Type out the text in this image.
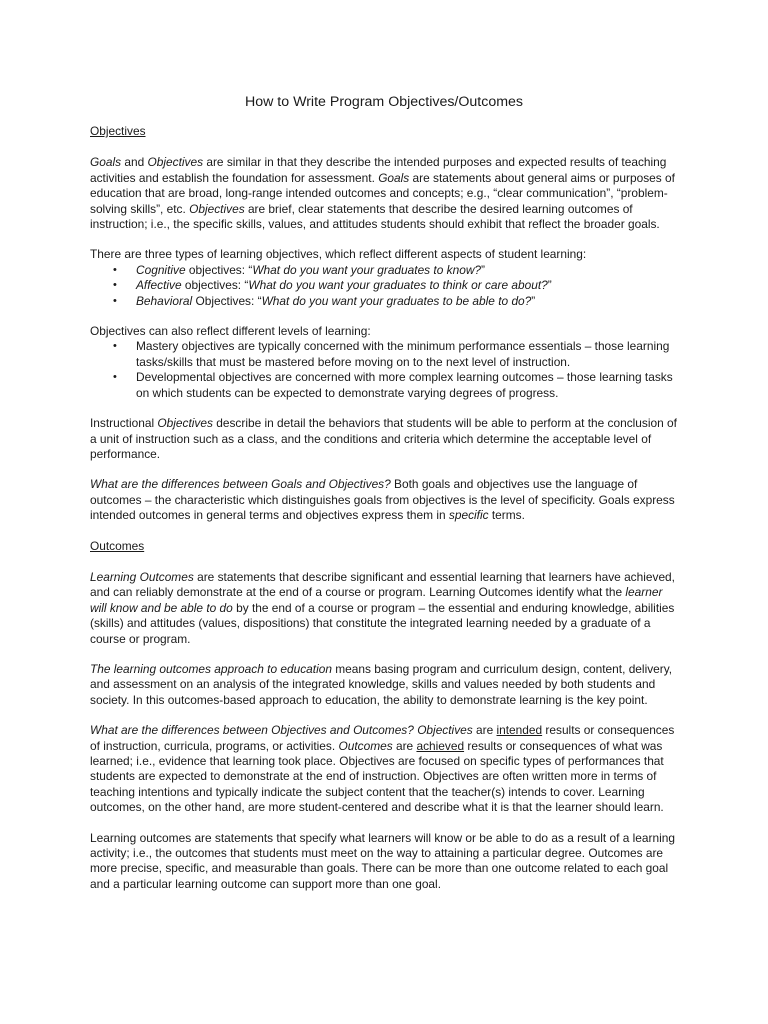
How to Write Program Objectives/Outcomes
Objectives

Goals and Objectives are similar in that they describe the intended purposes and expected results of teaching activities and establish the foundation for assessment. Goals are statements about general aims or purposes of education that are broad, long-range intended outcomes and concepts; e.g., “clear communication”, “problem-solving skills”, etc. Objectives are brief, clear statements that describe the desired learning outcomes of instruction; i.e., the specific skills, values, and attitudes students should exhibit that reflect the broader goals.

There are three types of learning objectives, which reflect different aspects of student learning:

• Cognitive objectives: “What do you want your graduates to know?”
• Affective objectives: “What do you want your graduates to think or care about?”
• Behavioral Objectives: “What do you want your graduates to be able to do?”

Objectives can also reflect different levels of learning:

• Mastery objectives are typically concerned with the minimum performance essentials – those learning tasks/skills that must be mastered before moving on to the next level of instruction.
• Developmental objectives are concerned with more complex learning outcomes – those learning tasks on which students can be expected to demonstrate varying degrees of progress.

Instructional Objectives describe in detail the behaviors that students will be able to perform at the conclusion of a unit of instruction such as a class, and the conditions and criteria which determine the acceptable level of performance.

What are the differences between Goals and Objectives? Both goals and objectives use the language of outcomes – the characteristic which distinguishes goals from objectives is the level of specificity. Goals express intended outcomes in general terms and objectives express them in specific terms.

Outcomes

Learning Outcomes are statements that describe significant and essential learning that learners have achieved, and can reliably demonstrate at the end of a course or program. Learning Outcomes identify what the learner will know and be able to do by the end of a course or program – the essential and enduring knowledge, abilities (skills) and attitudes (values, dispositions) that constitute the integrated learning needed by a graduate of a course or program.

The learning outcomes approach to education means basing program and curriculum design, content, delivery, and assessment on an analysis of the integrated knowledge, skills and values needed by both students and society. In this outcomes-based approach to education, the ability to demonstrate learning is the key point.

What are the differences between Objectives and Outcomes? Objectives are intended results or consequences of instruction, curricula, programs, or activities. Outcomes are achieved results or consequences of what was learned; i.e., evidence that learning took place. Objectives are focused on specific types of performances that students are expected to demonstrate at the end of instruction. Objectives are often written more in terms of teaching intentions and typically indicate the subject content that the teacher(s) intends to cover. Learning outcomes, on the other hand, are more student-centered and describe what it is that the learner should learn.

Learning outcomes are statements that specify what learners will know or be able to do as a result of a learning activity; i.e., the outcomes that students must meet on the way to attaining a particular degree. Outcomes are more precise, specific, and measurable than goals. There can be more than one outcome related to each goal and a particular learning outcome can support more than one goal.
